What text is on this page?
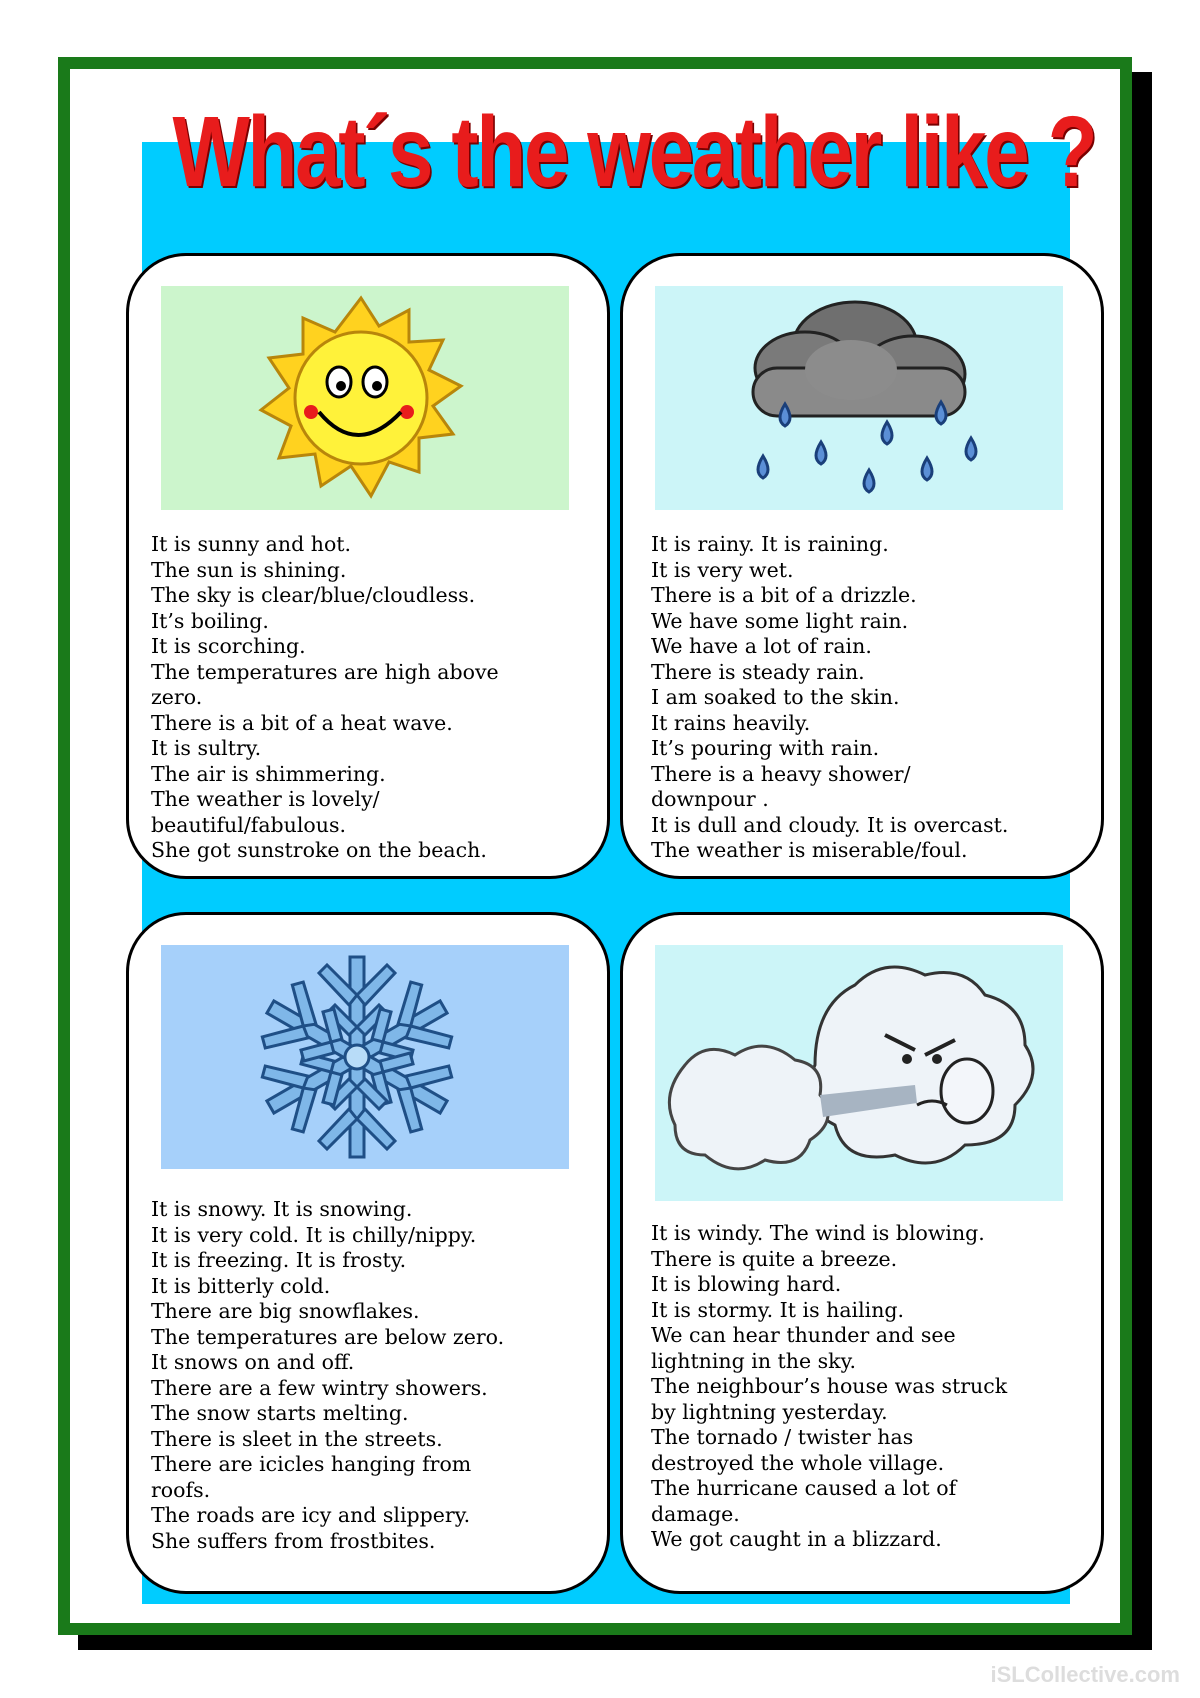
What´s the weather like ?
It is sunny and hot.
The sun is shining.
The sky is clear/blue/cloudless.
It’s boiling.
It is scorching.
The temperatures are high above
zero.
There is a bit of a heat wave.
It is sultry.
The air is shimmering.
The weather is lovely/
beautiful/fabulous.
She got sunstroke on the beach.
It is rainy. It is raining.
It is very wet.
There is a bit of a drizzle.
We have some light rain.
We have a lot of rain.
There is steady rain.
I am soaked to the skin.
It rains heavily.
It’s pouring with rain.
There is a heavy shower/
downpour .
It is dull and cloudy. It is overcast.
The weather is miserable/foul.
It is snowy. It is snowing.
It is very cold. It is chilly/nippy.
It is freezing. It is frosty.
It is bitterly cold.
There are big snowflakes.
The temperatures are below zero.
It snows on and off.
There are a few wintry showers.
The snow starts melting.
There is sleet in the streets.
There are icicles hanging from
roofs.
The roads are icy and slippery.
She suffers from frostbites.
It is windy. The wind is blowing.
There is quite a breeze.
It is blowing hard.
It is stormy. It is hailing.
We can hear thunder and see
lightning in the sky.
The neighbour’s house was struck
by lightning yesterday.
The tornado / twister has
destroyed the whole village.
The hurricane caused a lot of
damage.
We got caught in a blizzard.
iSLCollective.com
